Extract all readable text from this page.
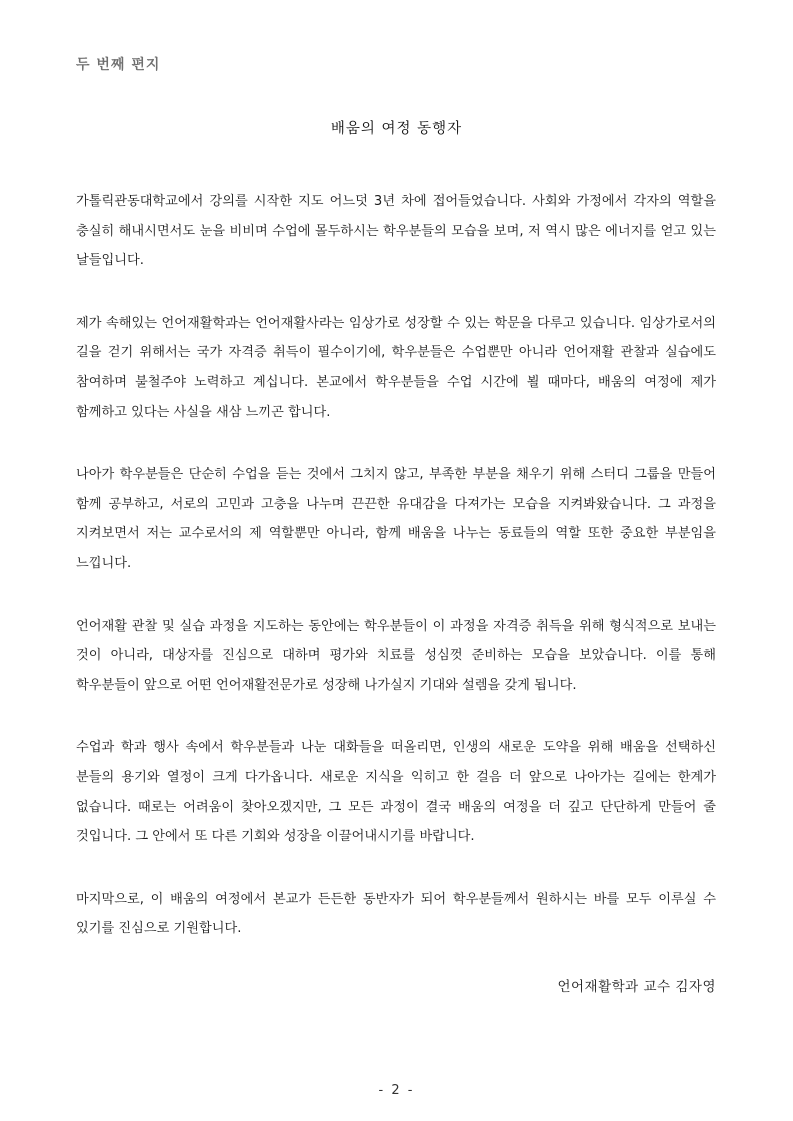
두 번째 편지
배움의 여정 동행자

가톨릭관동대학교에서 강의를 시작한 지도 어느덧 3년 차에 접어들었습니다. 사회와 가정에서 각자의 역할을 충실히 해내시면서도 눈을 비비며 수업에 몰두하시는 학우분들의 모습을 보며, 저 역시 많은 에너지를 얻고 있는 날들입니다.

제가 속해있는 언어재활학과는 언어재활사라는 임상가로 성장할 수 있는 학문을 다루고 있습니다. 임상가로서의 길을 걷기 위해서는 국가 자격증 취득이 필수이기에, 학우분들은 수업뿐만 아니라 언어재활 관찰과 실습에도 참여하며 불철주야 노력하고 계십니다. 본교에서 학우분들을 수업 시간에 뵐 때마다, 배움의 여정에 제가 함께하고 있다는 사실을 새삼 느끼곤 합니다.

나아가 학우분들은 단순히 수업을 듣는 것에서 그치지 않고, 부족한 부분을 채우기 위해 스터디 그룹을 만들어 함께 공부하고, 서로의 고민과 고충을 나누며 끈끈한 유대감을 다져가는 모습을 지켜봐왔습니다. 그 과정을 지켜보면서 저는 교수로서의 제 역할뿐만 아니라, 함께 배움을 나누는 동료들의 역할 또한 중요한 부분임을 느낍니다.

언어재활 관찰 및 실습 과정을 지도하는 동안에는 학우분들이 이 과정을 자격증 취득을 위해 형식적으로 보내는 것이 아니라, 대상자를 진심으로 대하며 평가와 치료를 성심껏 준비하는 모습을 보았습니다. 이를 통해 학우분들이 앞으로 어떤 언어재활전문가로 성장해 나가실지 기대와 설렘을 갖게 됩니다.

수업과 학과 행사 속에서 학우분들과 나눈 대화들을 떠올리면, 인생의 새로운 도약을 위해 배움을 선택하신 분들의 용기와 열정이 크게 다가옵니다. 새로운 지식을 익히고 한 걸음 더 앞으로 나아가는 길에는 한계가 없습니다. 때로는 어려움이 찾아오겠지만, 그 모든 과정이 결국 배움의 여정을 더 깊고 단단하게 만들어 줄 것입니다. 그 안에서 또 다른 기회와 성장을 이끌어내시기를 바랍니다.

마지막으로, 이 배움의 여정에서 본교가 든든한 동반자가 되어 학우분들께서 원하시는 바를 모두 이루실 수 있기를 진심으로 기원합니다.

언어재활학과 교수 김자영
- 2 -
